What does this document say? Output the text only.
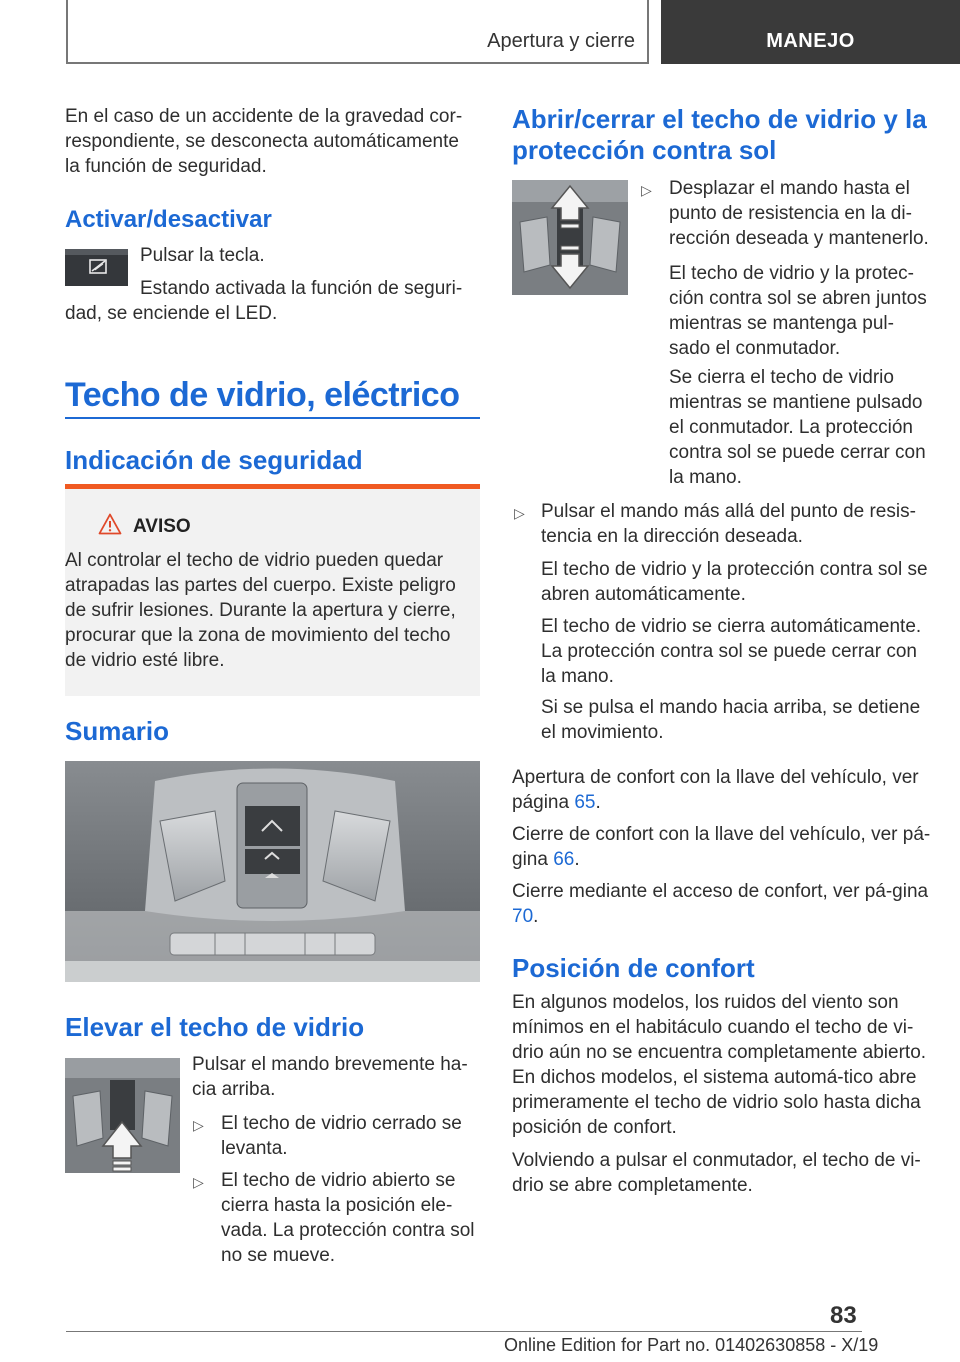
Apertura y cierre	MANEJO

En el caso de un accidente de la gravedad cor-respondiente, se desconecta automáticamente la función de seguridad.

Activar/desactivar

Pulsar la tecla.

Estando activada la función de seguri-dad, se enciende el LED.

Techo de vidrio, eléctrico
Indicación de seguridad
AVISO

Al controlar el techo de vidrio pueden quedar atrapadas las partes del cuerpo. Existe peligro de sufrir lesiones. Durante la apertura y cierre, procurar que la zona de movimiento del techo de vidrio esté libre.

Sumario
Elevar el techo de vidrio

Pulsar el mando brevemente ha-cia arriba.

▷ El techo de vidrio cerrado se levanta.

▷ El techo de vidrio abierto se cierra hasta la posición ele-vada. La protección contra sol no se mueve.

Abrir/cerrar el techo de vidrio y la protección contra sol
▷ Desplazar el mando hasta el punto de resistencia en la di-rección deseada y mantenerlo.

El techo de vidrio y la protec-ción contra sol se abren juntos mientras se mantenga pul-sado el conmutador.

Se cierra el techo de vidrio mientras se mantiene pulsado el conmutador. La protección contra sol se puede cerrar con la mano.

▷ Pulsar el mando más allá del punto de resis-tencia en la dirección deseada.

El techo de vidrio y la protección contra sol se abren automáticamente.

El techo de vidrio se cierra automáticamente. La protección contra sol se puede cerrar con la mano.

Si se pulsa el mando hacia arriba, se detiene el movimiento.

Apertura de confort con la llave del vehículo, ver página 65.

Cierre de confort con la llave del vehículo, ver pá-gina 66.

Cierre mediante el acceso de confort, ver pá-gina 70.

Posición de confort

En algunos modelos, los ruidos del viento son mínimos en el habitáculo cuando el techo de vi-drio aún no se encuentra completamente abierto. En dichos modelos, el sistema automá-tico abre primeramente el techo de vidrio solo hasta dicha posición de confort.

Volviendo a pulsar el conmutador, el techo de vi-drio se abre completamente.

83
Online Edition for Part no. 01402630858 - X/19
